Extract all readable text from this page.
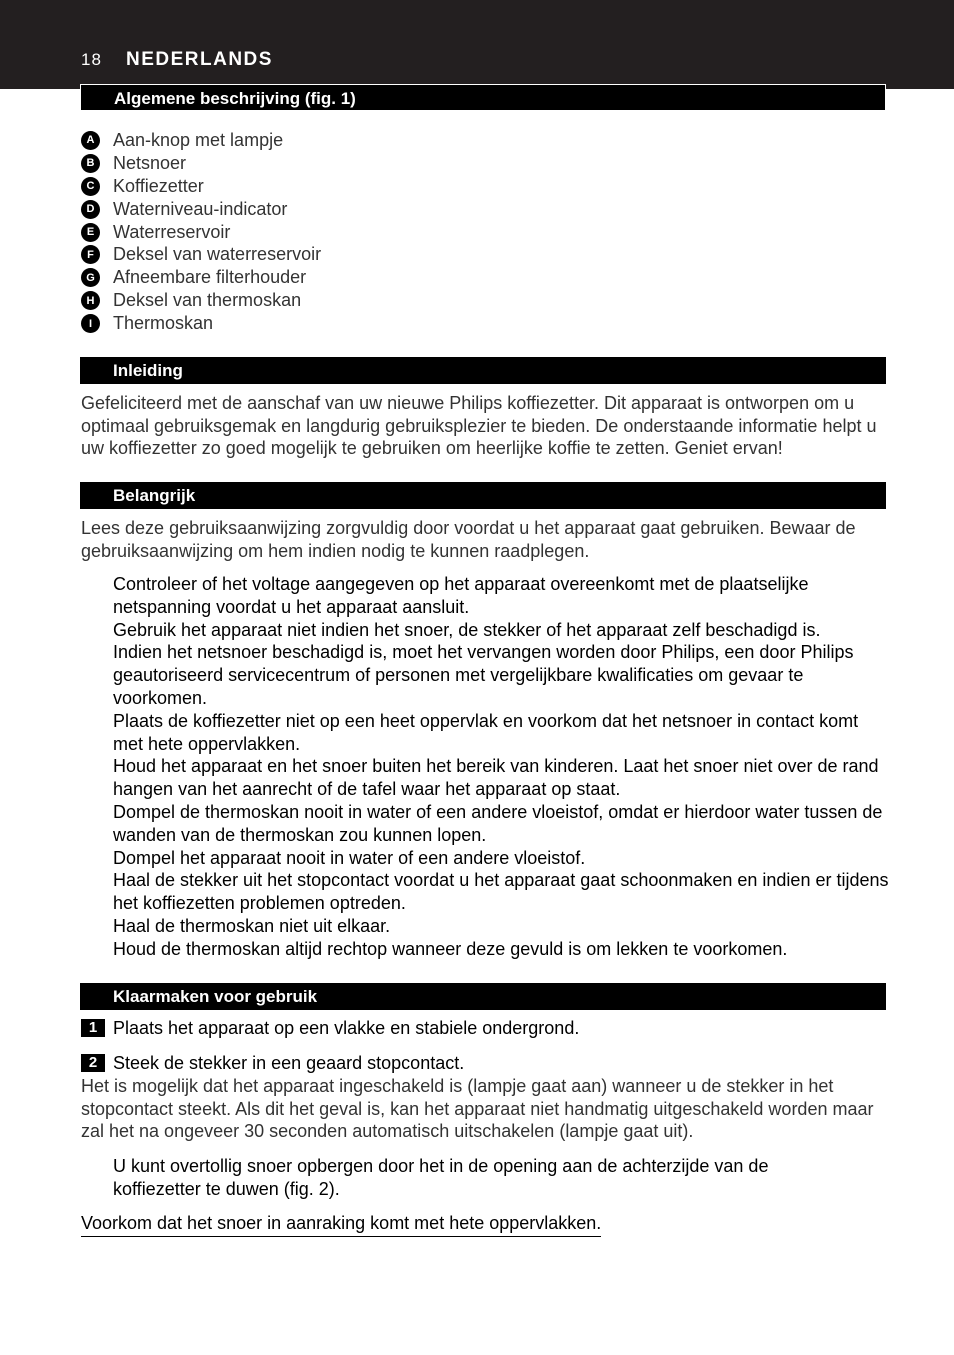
18 NEDERLANDS
Algemene beschrijving (fig. 1)
A	Aan-knop met lampje
B	Netsnoer
C	Koffiezetter
D	Waterniveau-indicator
E	Waterreservoir
F	Deksel van waterreservoir
G Afneembare filterhouder
H	Deksel van thermoskan
I	Thermoskan
Inleiding
Gefeliciteerd met de aanschaf van uw nieuwe Philips koffiezetter. Dit apparaat is ontworpen om u optimaal gebruiksgemak en langdurig gebruiksplezier te bieden. De onderstaande informatie helpt u uw koffiezetter zo goed mogelijk te gebruiken om heerlijke koffie te zetten. Geniet ervan!
Belangrijk
Lees deze gebruiksaanwijzing zorgvuldig door voordat u het apparaat gaat gebruiken. Bewaar de gebruiksaanwijzing om hem indien nodig te kunnen raadplegen.

Controleer of het voltage aangegeven op het apparaat overeenkomt met de plaatselijke netspanning voordat u het apparaat aansluit.

Gebruik het apparaat niet indien het snoer, de stekker of het apparaat zelf beschadigd is.

Indien het netsnoer beschadigd is, moet het vervangen worden door Philips, een door Philips geautoriseerd servicecentrum of personen met vergelijkbare kwalificaties om gevaar te voorkomen.

Plaats de koffiezetter niet op een heet oppervlak en voorkom dat het netsnoer in contact komt met hete oppervlakken.

Houd het apparaat en het snoer buiten het bereik van kinderen. Laat het snoer niet over de rand hangen van het aanrecht of de tafel waar het apparaat op staat.

Dompel de thermoskan nooit in water of een andere vloeistof, omdat er hierdoor water tussen de wanden van de thermoskan zou kunnen lopen.

Dompel het apparaat nooit in water of een andere vloeistof.

Haal de stekker uit het stopcontact voordat u het apparaat gaat schoonmaken en indien er tijdens het koffiezetten problemen optreden.

Haal de thermoskan niet uit elkaar.

Houd de thermoskan altijd rechtop wanneer deze gevuld is om lekken te voorkomen.

Klaarmaken voor gebruik
1 Plaats het apparaat op een vlakke en stabiele ondergrond.
2 Steek de stekker in een geaard stopcontact.
Het is mogelijk dat het apparaat ingeschakeld is (lampje gaat aan) wanneer u de stekker in het stopcontact steekt. Als dit het geval is, kan het apparaat niet handmatig uitgeschakeld worden maar zal het na ongeveer 30 seconden automatisch uitschakelen (lampje gaat uit).

U kunt overtollig snoer opbergen door het in de opening aan de achterzijde van de koffiezetter te duwen (fig. 2).

Voorkom dat het snoer in aanraking komt met hete oppervlakken.
